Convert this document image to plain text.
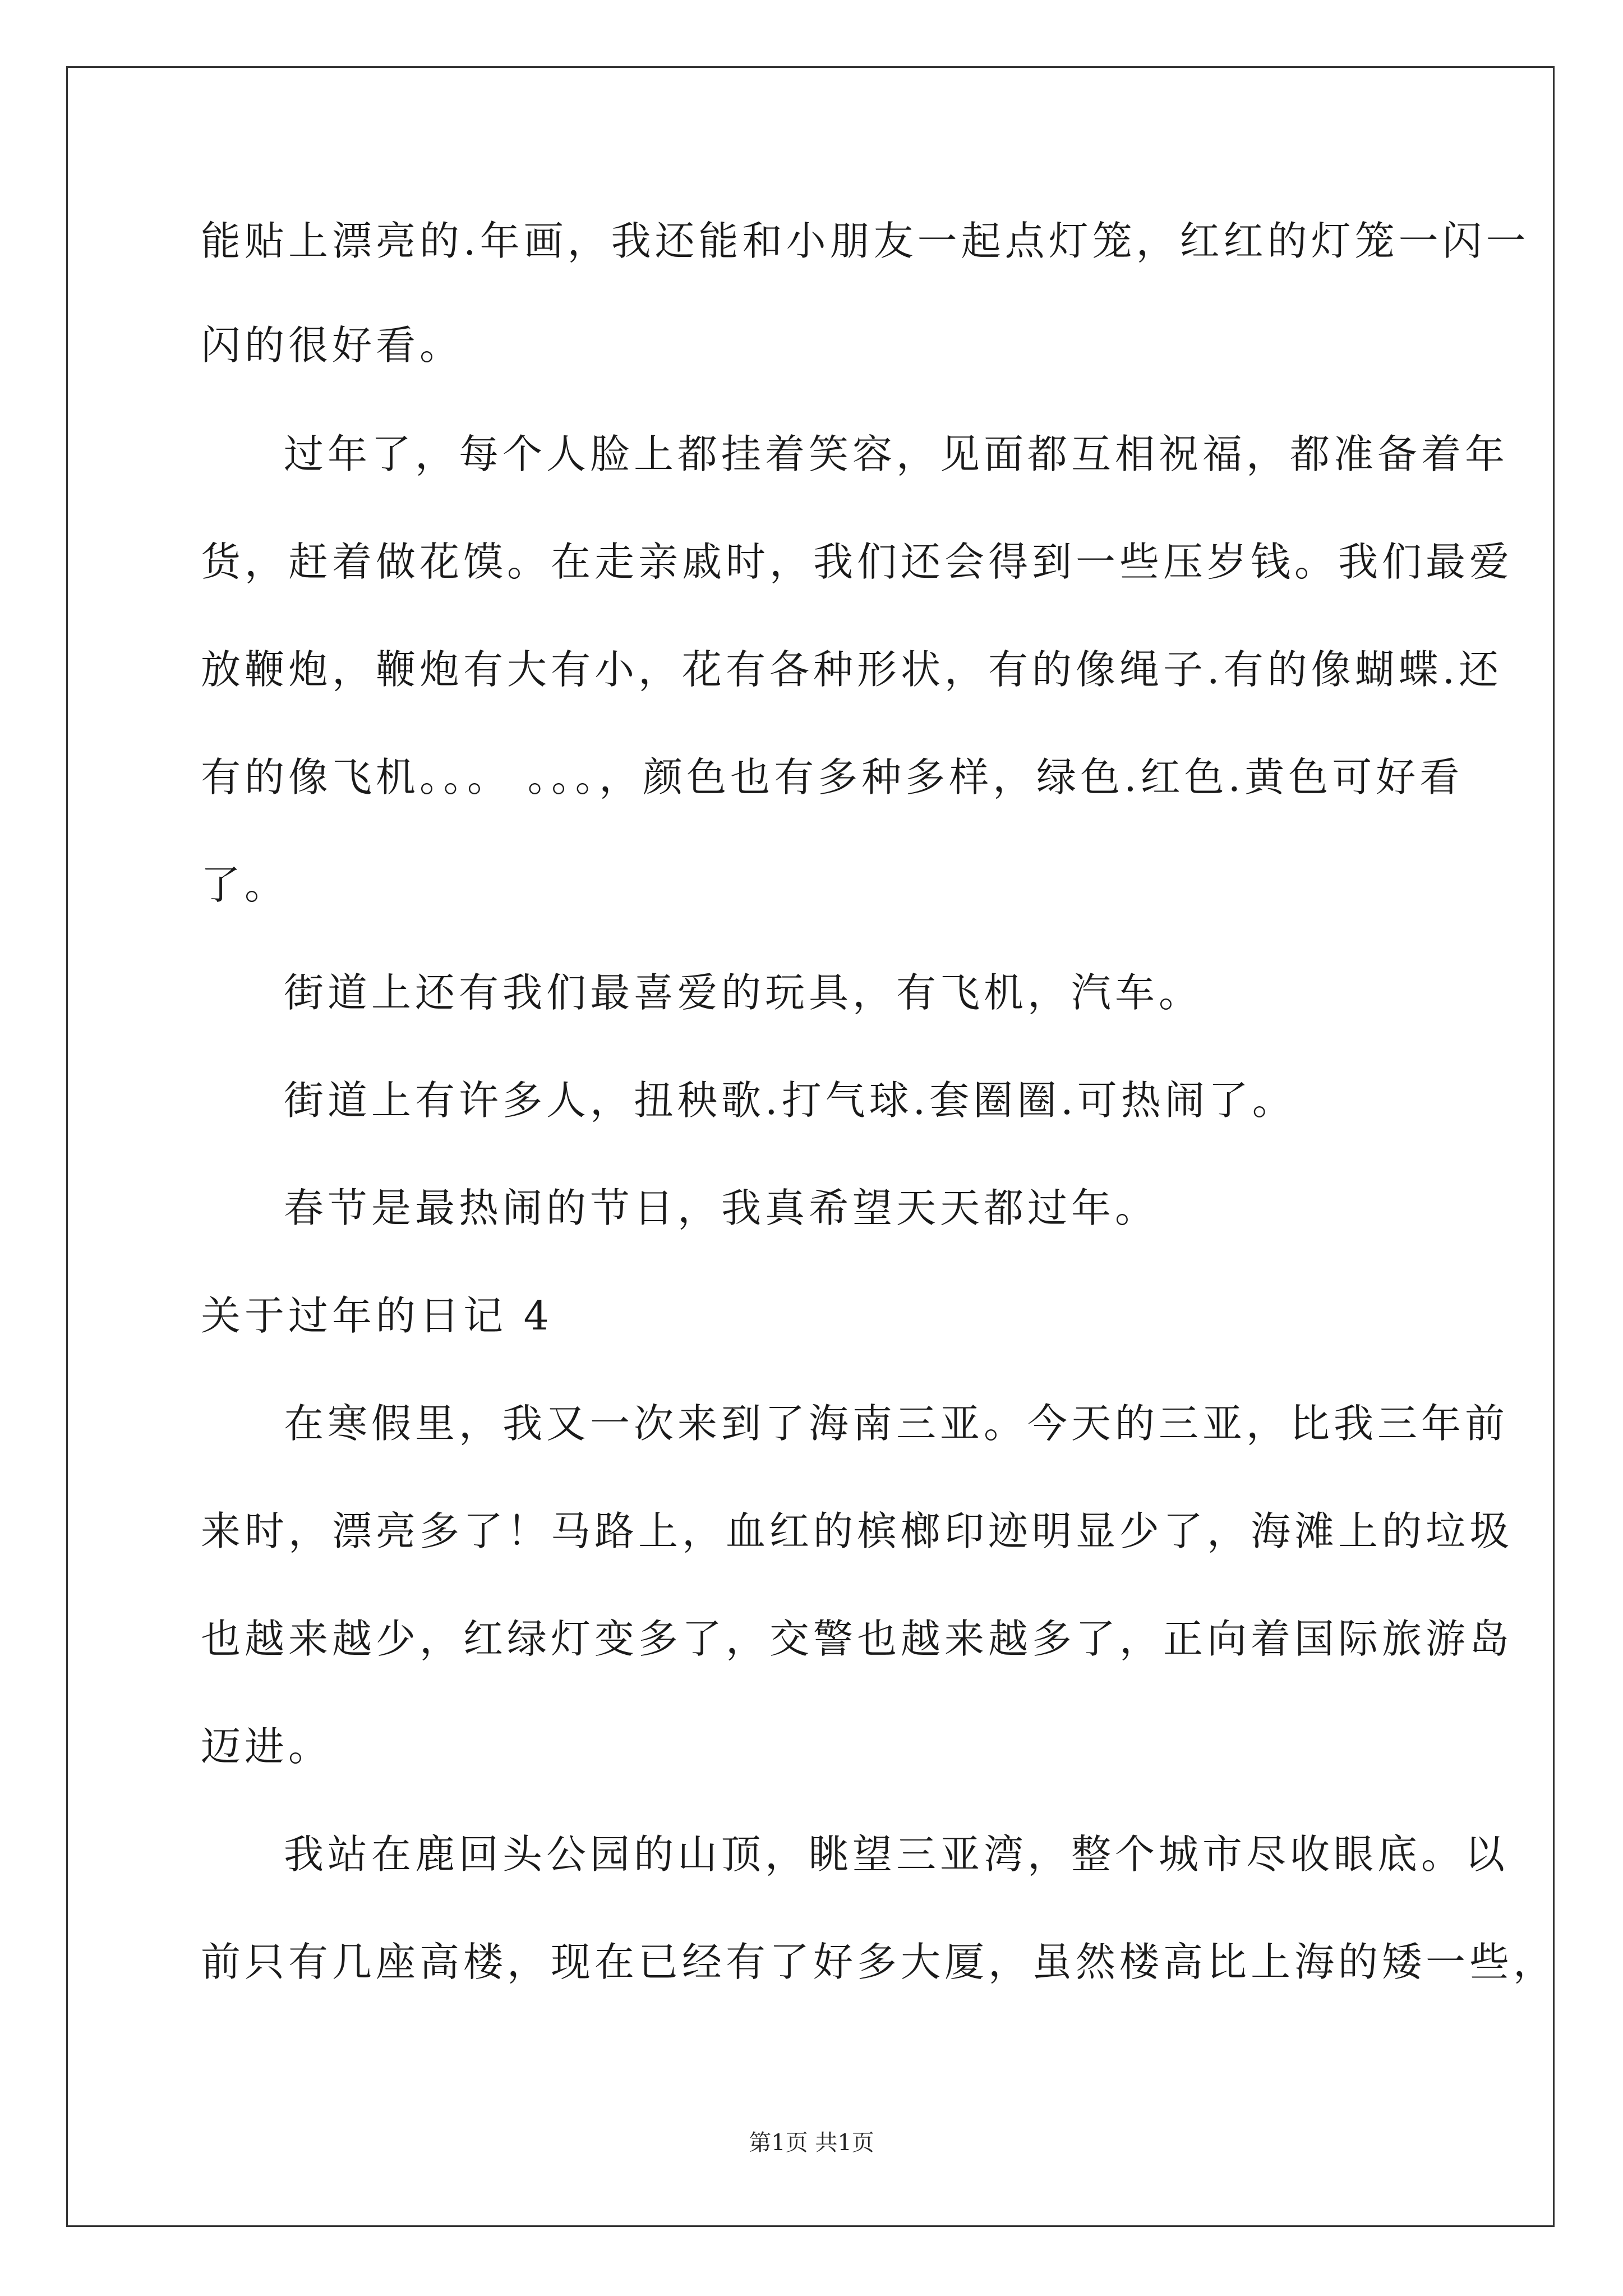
能贴上漂亮的.年画，我还能和小朋友一起点灯笼，红红的灯笼一闪一
闪的很好看。
过年了，每个人脸上都挂着笑容，见面都互相祝福，都准备着年
货，赶着做花馍。在走亲戚时，我们还会得到一些压岁钱。我们最爱
放鞭炮，鞭炮有大有小，花有各种形状，有的像绳子.有的像蝴蝶.还
有的像飞机。。。 。。。，颜色也有多种多样，绿色.红色.黄色可好看
了。
街道上还有我们最喜爱的玩具，有飞机，汽车。
街道上有许多人，扭秧歌.打气球.套圈圈.可热闹了。
春节是最热闹的节日，我真希望天天都过年。
关于过年的日记 4
在寒假里，我又一次来到了海南三亚。今天的三亚，比我三年前
来时，漂亮多了！马路上，血红的槟榔印迹明显少了，海滩上的垃圾
也越来越少，红绿灯变多了，交警也越来越多了，正向着国际旅游岛
迈进。
我站在鹿回头公园的山顶，眺望三亚湾，整个城市尽收眼底。以
前只有几座高楼，现在已经有了好多大厦，虽然楼高比上海的矮一些，
第1页 共1页
